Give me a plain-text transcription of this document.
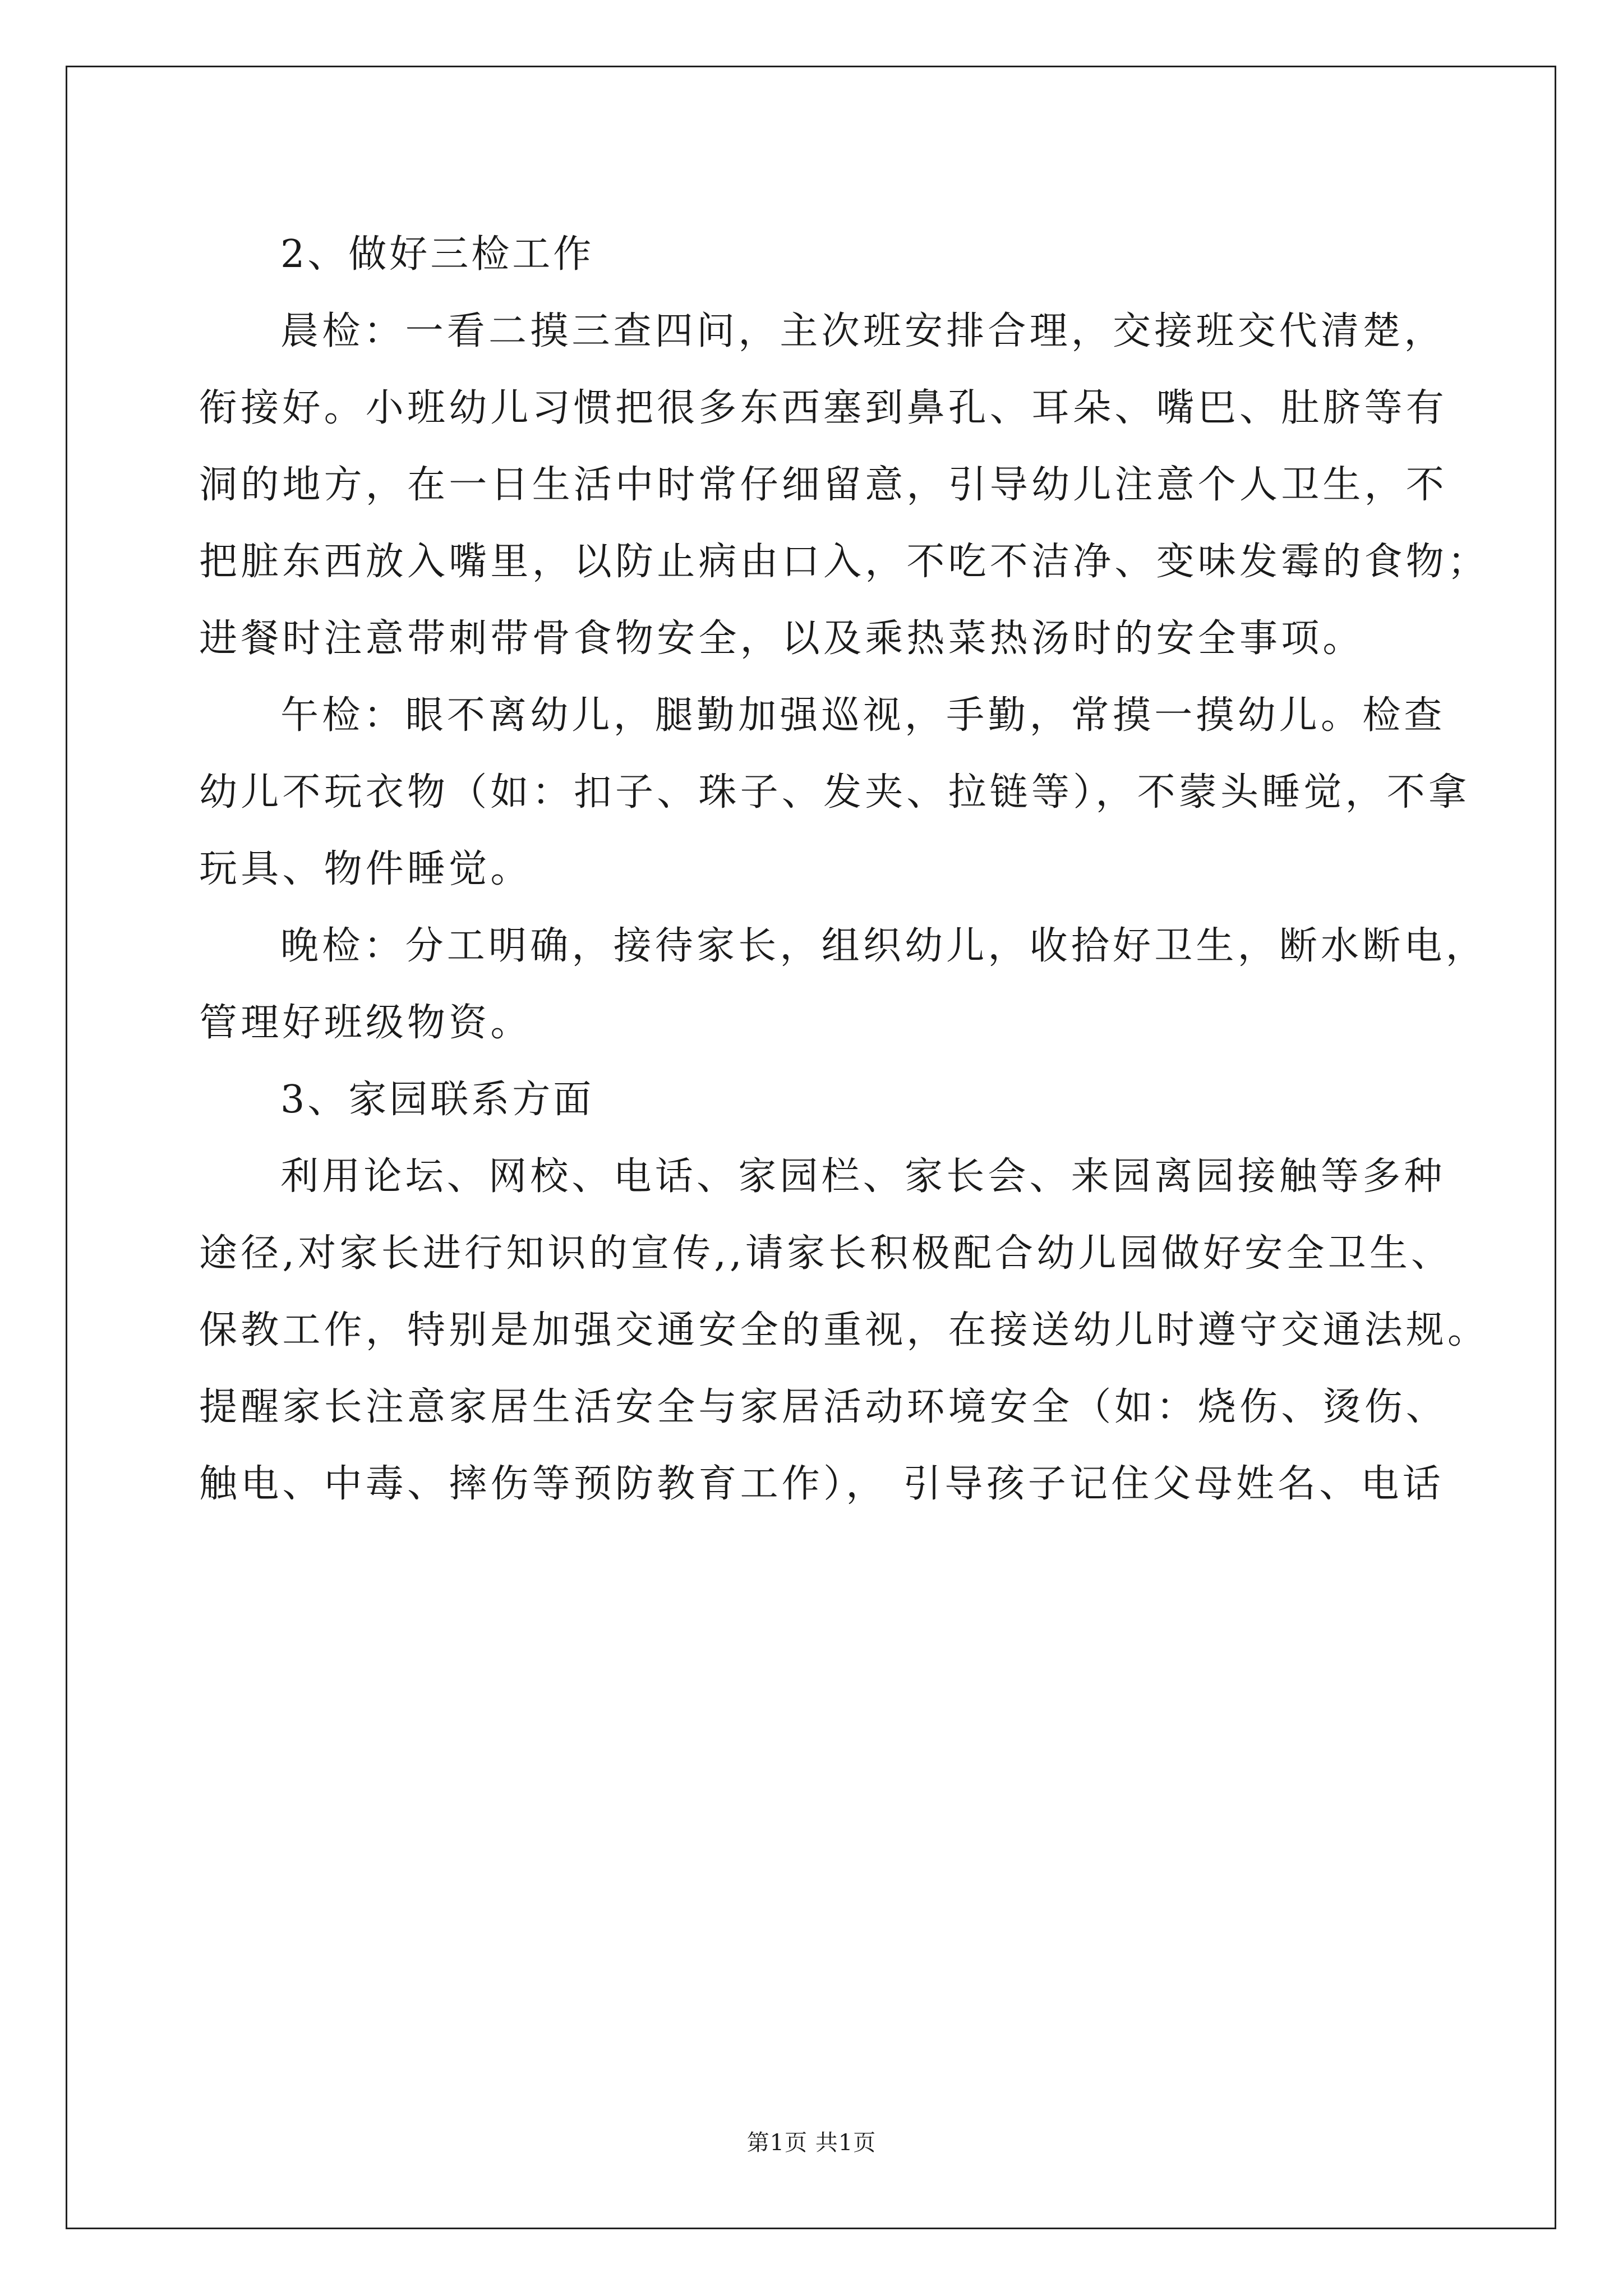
2、做好三检工作
晨检：一看二摸三查四问，主次班安排合理，交接班交代清楚，
衔接好。小班幼儿习惯把很多东西塞到鼻孔、耳朵、嘴巴、肚脐等有
洞的地方，在一日生活中时常仔细留意，引导幼儿注意个人卫生，不
把脏东西放入嘴里，以防止病由口入，不吃不洁净、变味发霉的食物；
进餐时注意带刺带骨食物安全，以及乘热菜热汤时的安全事项。
午检：眼不离幼儿，腿勤加强巡视，手勤，常摸一摸幼儿。检查
幼儿不玩衣物（如：扣子、珠子、发夹、拉链等），不蒙头睡觉，不拿
玩具、物件睡觉。
晚检：分工明确，接待家长，组织幼儿，收拾好卫生，断水断电，
管理好班级物资。
3、家园联系方面
利用论坛、网校、电话、家园栏、家长会、来园离园接触等多种
途径,对家长进行知识的宣传,,请家长积极配合幼儿园做好安全卫生、
保教工作，特别是加强交通安全的重视，在接送幼儿时遵守交通法规。
提醒家长注意家居生活安全与家居活动环境安全（如：烧伤、烫伤、
触电、中毒、摔伤等预防教育工作）， 引导孩子记住父母姓名、电话
第1页 共1页
